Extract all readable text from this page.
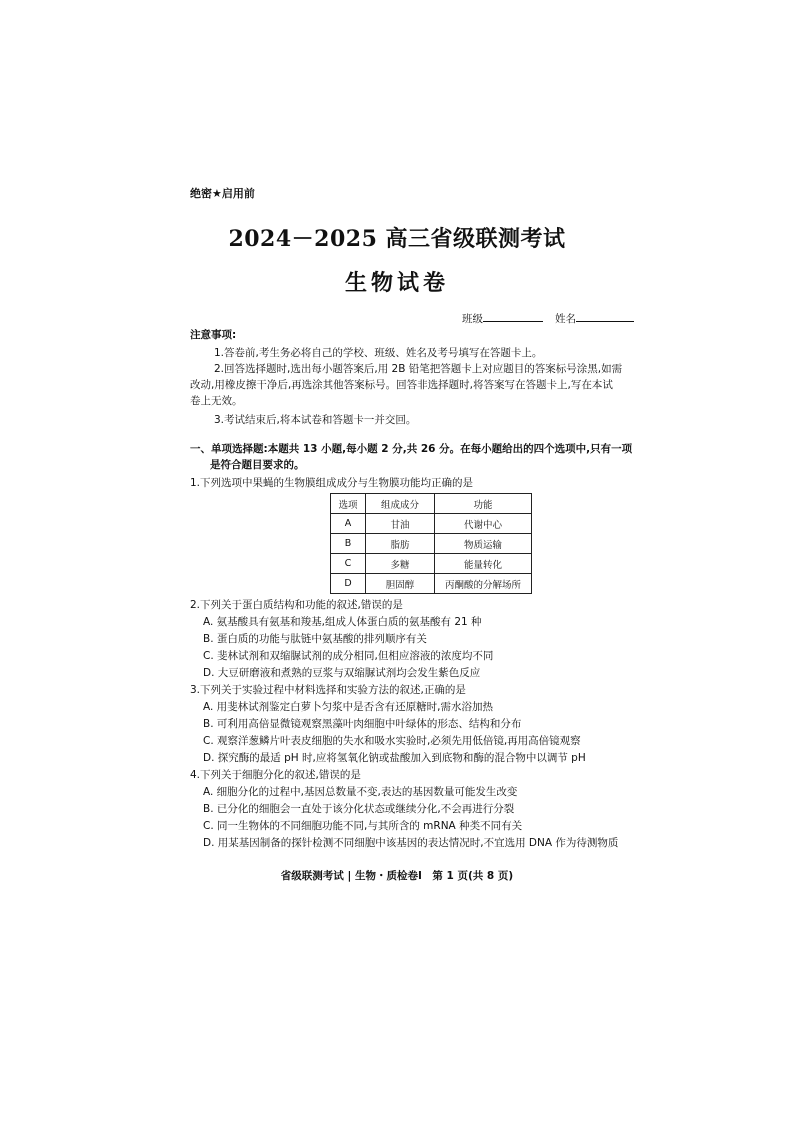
绝密★启用前
2024－2025 高三省级联测考试
生物试卷
班级	姓名
注意事项:
1.答卷前,考生务必将自己的学校、班级、姓名及考号填写在答题卡上。
2.回答选择题时,选出每小题答案后,用 2B 铅笔把答题卡上对应题目的答案标号涂黑,如需
改动,用橡皮擦干净后,再选涂其他答案标号。回答非选择题时,将答案写在答题卡上,写在本试
卷上无效。
3.考试结束后,将本试卷和答题卡一并交回。
一、单项选择题:本题共 13 小题,每小题 2 分,共 26 分。在每小题给出的四个选项中,只有一项
是符合题目要求的。
1.下列选项中果蝇的生物膜组成成分与生物膜功能均正确的是
选项	组成成分	功能
A	甘油	代谢中心
B	脂肪	物质运输
C	多糖	能量转化
D	胆固醇	丙酮酸的分解场所
2.下列关于蛋白质结构和功能的叙述,错误的是
A. 氨基酸具有氨基和羧基,组成人体蛋白质的氨基酸有 21 种
B. 蛋白质的功能与肽链中氨基酸的排列顺序有关
C. 斐林试剂和双缩脲试剂的成分相同,但相应溶液的浓度均不同
D. 大豆研磨液和煮熟的豆浆与双缩脲试剂均会发生紫色反应
3.下列关于实验过程中材料选择和实验方法的叙述,正确的是
A. 用斐林试剂鉴定白萝卜匀浆中是否含有还原糖时,需水浴加热
B. 可利用高倍显微镜观察黑藻叶肉细胞中叶绿体的形态、结构和分布
C. 观察洋葱鳞片叶表皮细胞的失水和吸水实验时,必须先用低倍镜,再用高倍镜观察
D. 探究酶的最适 pH 时,应将氢氧化钠或盐酸加入到底物和酶的混合物中以调节 pH
4.下列关于细胞分化的叙述,错误的是
A. 细胞分化的过程中,基因总数量不变,表达的基因数量可能发生改变
B. 已分化的细胞会一直处于该分化状态或继续分化,不会再进行分裂
C. 同一生物体的不同细胞功能不同,与其所含的 mRNA 种类不同有关
D. 用某基因制备的探针检测不同细胞中该基因的表达情况时,不宜选用 DNA 作为待测物质
省级联测考试 | 生物・质检卷Ⅰ　第 1 页(共 8 页)
